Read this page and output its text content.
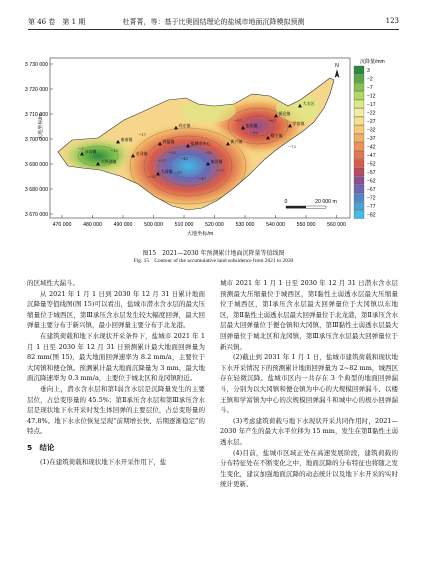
第 46 卷　第 1 期	杜菁菁，等：基于比奥固结理论的盐城市地面沉降模拟预测	123
3 730 000
3 720 000
3 710 000
3 700 000
3 690 000
3 680 000
3 670 000
470 000 480 000 490 000 500 000 510 000 520 000 530 000 540 000 550 000 560 000
大地坐标/m
大地坐标/m
大冈镇
南洋镇
盐城市中心	新兴镇
伍佑镇
便仓镇
龙冈镇
郭猛镇
大丰区
尚庄镇
楼王镇
学富镇
秦南镇
沙沟镇
大纵湖镇
−7	−12
−17
−22
−27
−32
−37
−42
−47
−52
−57
−62
−67
−72
−77
N
0	20 000 m
沉降量/mm
3
−2
−7
−12
−17
−22
−27
−32
−37
−42
−47
−52
−57
−62
−67
−72
−77
−82
图15　2021—2030 年预测累计地面沉降量等值线图
Fig. 15　Contour of the accumulative land subsidence from 2021 to 2030

的区域性大漏斗。

从 2021 年 1 月 1 日到 2030 年 12 月 31 日累计地面沉降量等值线图(图 15)可以看出，盐城市潜水含水层的最大压缩量位于城西区，第Ⅲ承压含水层发生较大幅度回弹，最大回弹量主要分布于新兴镇，最小回弹量主要分布于北龙港。

在建筑荷载和地下水现状开采条件下，盐城市 2021 年 1 月 1 日至 2030 年 12 月 31 日预测累计最大地面回弹量为 82 mm(图 15)，最大地面回弹速率为 8.2 mm/a，主要位于大冈镇和便仓镇。预测累计最大地面沉降量为 3 mm，最大地面沉降速率为 0.3 mm/a，主要位于城北区和龙冈镇附近。

垂向上，潜水含水层和第Ⅰ弱含水层是沉降量发生的主要层位，占总变形量的 45.5%；第Ⅱ承压含水层和第Ⅲ承压含水层是现状地下水开采时发生体回弹的主要层位，占总变形量的 47.8%。地下水水位恢复呈现“前期增长快、后期逐渐稳定”的特点。

5　结论

(1)在建筑荷载和现状地下水开采作用下，盐

城市 2021 年 1 月 1 日至 2030 年 12 月 31 日潜水含水层预测最大压缩量位于城西区，第Ⅰ黏性土弱透水层最大压缩量位于城西区，第Ⅰ承压含水层最大回弹量位于大冈镇以东地区，第Ⅱ黏性土弱透水层最大回弹量位于北龙港，第Ⅱ承压含水层最大回弹量位于便仓镇和大冈镇，第Ⅲ黏性土弱透水层最大回弹量位于城北区和龙冈镇，第Ⅲ承压含水层最大回弹量位于新兴镇。

(2)截止到 2031 年 1 月 1 日，盐城市建筑荷载和现状地下水开采情况下的预测累计地面回弹量为 2~82 mm，城西区存在轻微沉降。盐城市区内一共存在 3 个典型的地面回弹漏斗，分别为以大冈镇和便仓镇为中心的大规模回弹漏斗、以楼王镇和学富镇为中心的次规模回弹漏斗和城中心的极小回弹漏斗。

(3)考虑建筑荷载与地下水现状开采共同作用时，2021—2030 年产生的最大水平位移为 15 mm，发生在第Ⅱ黏性土弱透水层。

(4)目前，盐城市区域正处在高速发展阶段，建筑荷载的分布特征处在不断变化之中，地面沉降的分布特征也将随之发生变化，建议加强地面沉降的动态统计以及地下水开采的实时统计更新。
